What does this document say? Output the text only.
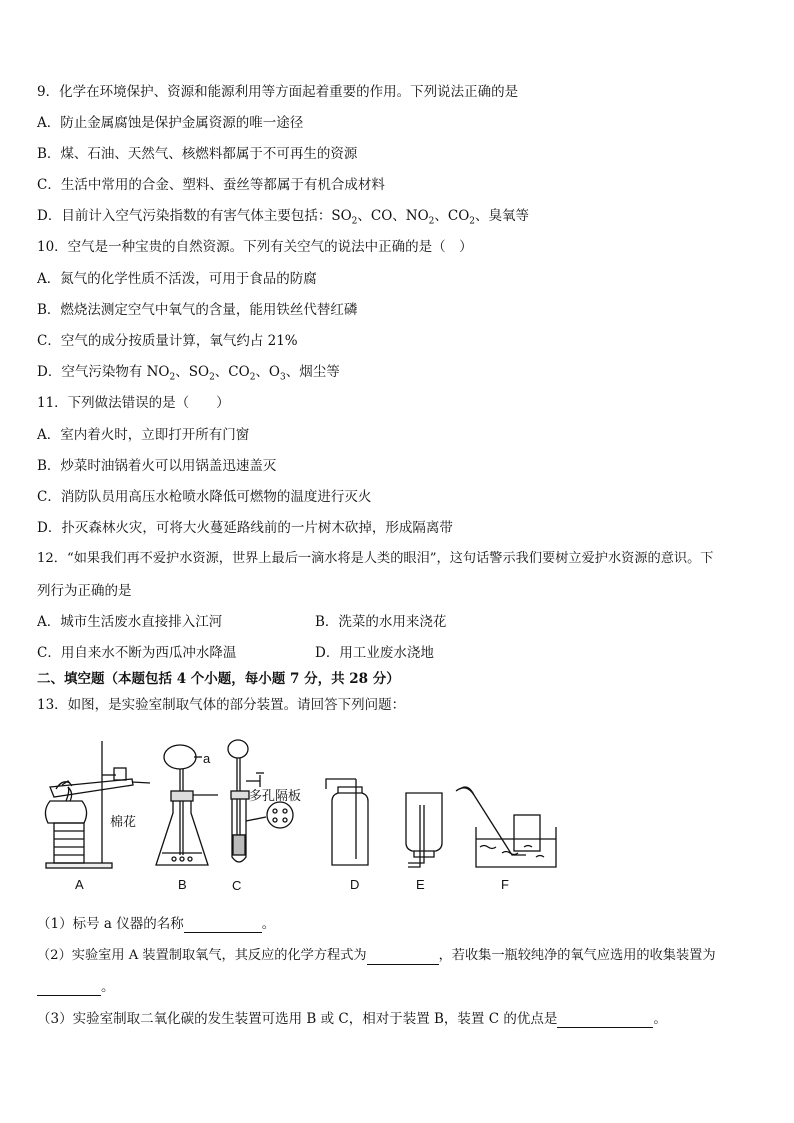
9．化学在环境保护、资源和能源利用等方面起着重要的作用。下列说法正确的是
A．防止金属腐蚀是保护金属资源的唯一途径
B．煤、石油、天然气、核燃料都属于不可再生的资源
C．生活中常用的合金、塑料、蚕丝等都属于有机合成材料
D．目前计入空气污染指数的有害气体主要包括：$SO_2$、CO、$NO_2$、$CO_2$、臭氧等
10．空气是一种宝贵的自然资源。下列有关空气的说法中正确的是（　）
A．氮气的化学性质不活泼，可用于食品的防腐
B．燃烧法测定空气中氧气的含量，能用铁丝代替红磷
C．空气的成分按质量计算，氧气约占 21%
D．空气污染物有 $NO_2$、$SO_2$、$CO_2$、$O_3$、烟尘等
11．下列做法错误的是（　　）
A．室内着火时，立即打开所有门窗
B．炒菜时油锅着火可以用锅盖迅速盖灭
C．消防队员用高压水枪喷水降低可燃物的温度进行灭火
D．扑灭森林火灾，可将大火蔓延路线前的一片树木砍掉，形成隔离带
12．“如果我们再不爱护水资源，世界上最后一滴水将是人类的眼泪”，这句话警示我们要树立爱护水资源的意识。下
列行为正确的是
A．城市生活废水直接排入江河	B．洗菜的水用来浇花
C．用自来水不断为西瓜冲水降温	D．用工业废水浇地
二、填空题（本题包括 4 个小题，每小题 7 分，共 28 分）
13．如图，是实验室制取气体的部分装置。请回答下列问题：
a
棉花
多孔隔板
A	B	C	D	E	F
（1）标号 a 仪器的名称	。
（2）实验室用 A 装置制取氧气，其反应的化学方程式为	，若收集一瓶较纯净的氧气应选用的收集装置为
。
（3）实验室制取二氧化碳的发生装置可选用 B 或 C，相对于装置 B，装置 C 的优点是	。
